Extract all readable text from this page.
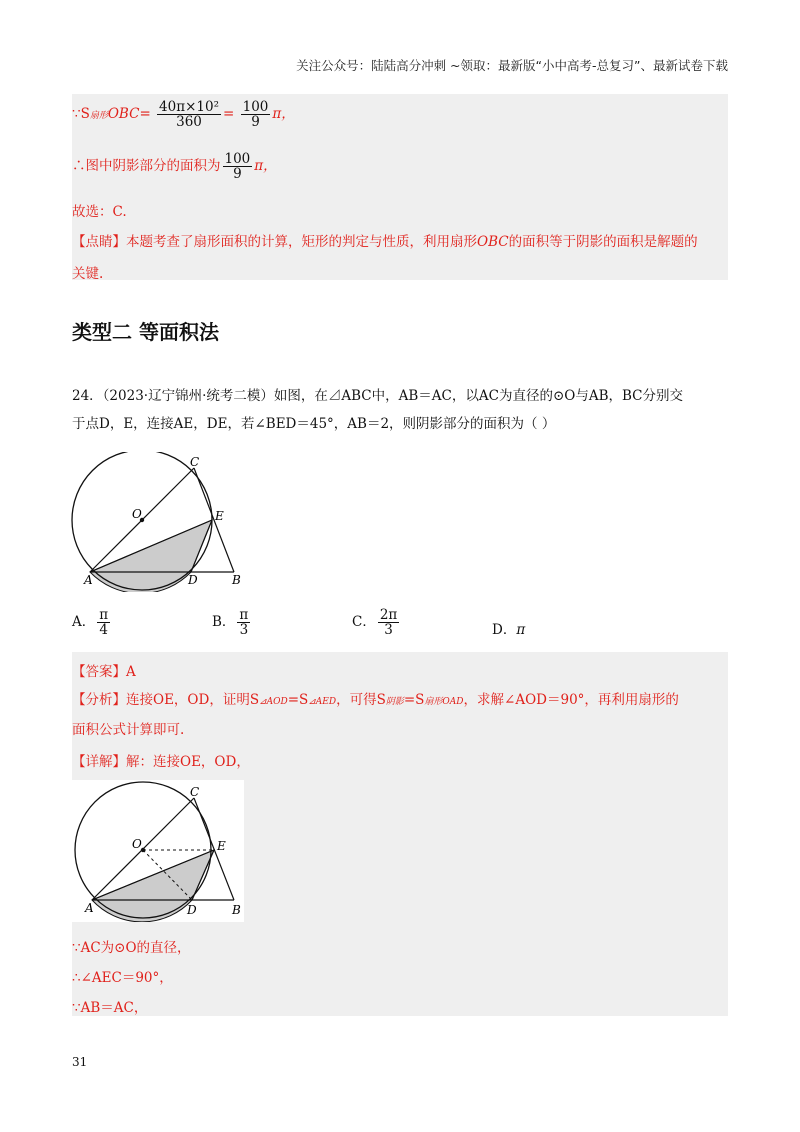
关注公众号：陆陆高分冲刺 ~领取：最新版“小中高考-总复习”、最新试卷下载
∵S扇形$OBC= \frac{\text{40π×10²}}{360} = \frac{100}{9}$ π，
∴图中阴影部分的面积为 $\frac{100}{9}$ π，
故选：C.
【点睛】本题考查了扇形面积的计算，矩形的判定与性质，利用扇形OBC的面积等于阴影的面积是解题的
关键.
类型二 等面积法
24．（2023·辽宁锦州·统考二模）如图，在⊿ABC中，AB＝AC，以AC为直径的⊙O与AB，BC分别交
于点D，E，连接AE，DE，若∠BED＝45°，AB＝2，则阴影部分的面积为（ ）
C
O	E
A	D	B
A． $\frac{\pi}{4}$	B． $\frac{\pi}{3}$	C． $\frac{2\pi}{3}$	D．π
【答案】A
【分析】连接OE，OD，证明S⊿AOD=S⊿AED，可得S阴影=S扇形OAD，求解∠AOD＝90°，再利用扇形的
面积公式计算即可.
【详解】解：连接OE，OD，
C
O	E
A	D	B
∵AC为⊙O的直径，
∴∠AEC＝90°，
∵AB＝AC，
31
